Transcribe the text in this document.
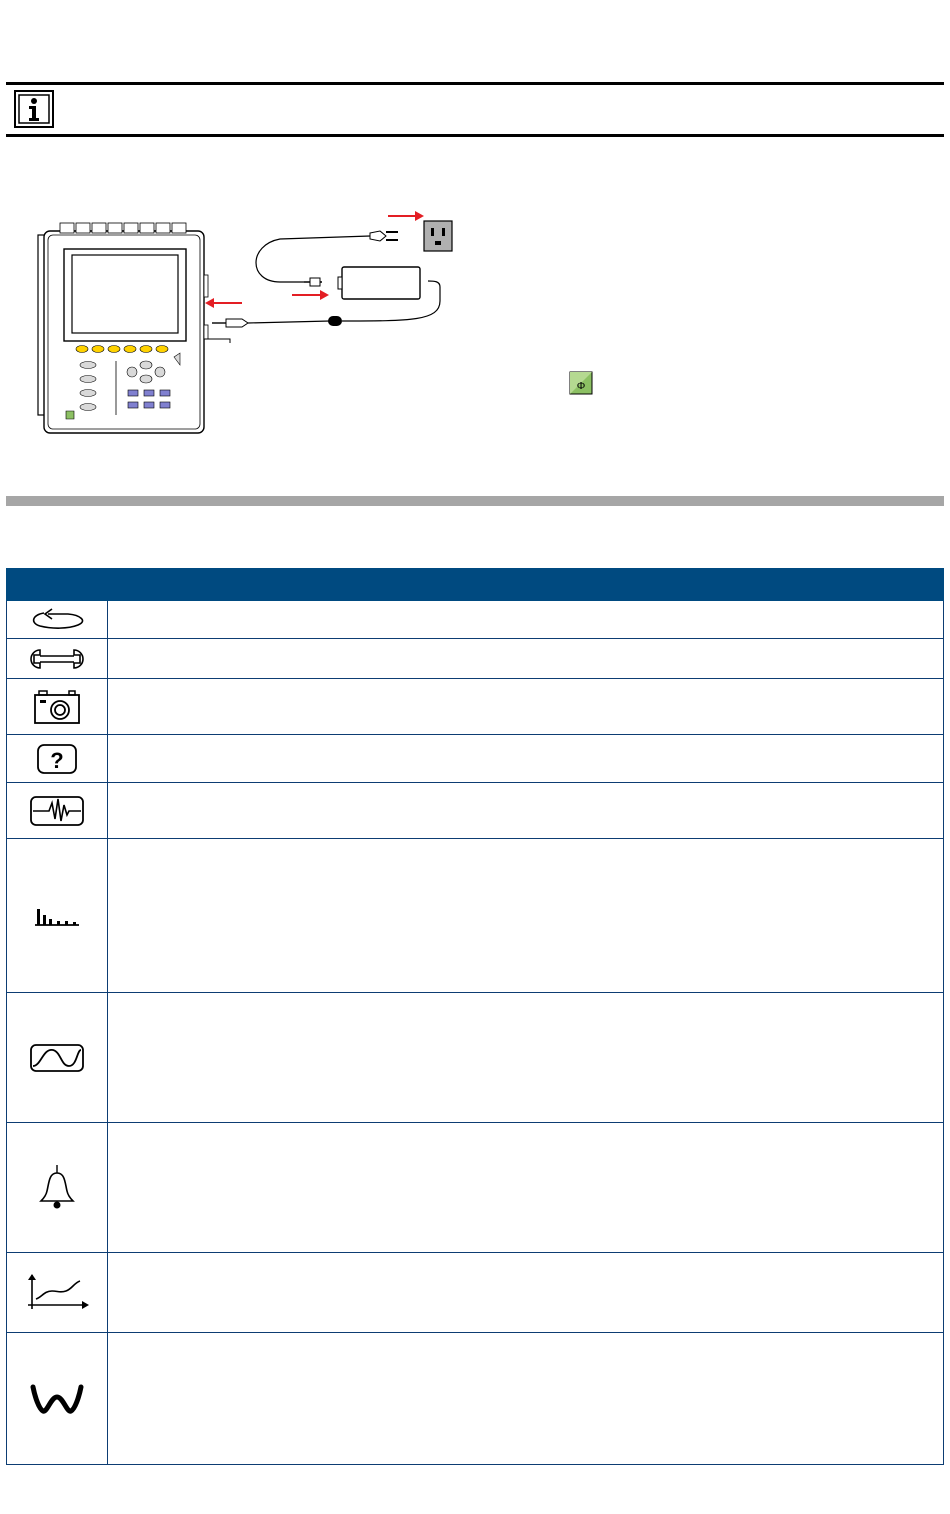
Φ

?	
